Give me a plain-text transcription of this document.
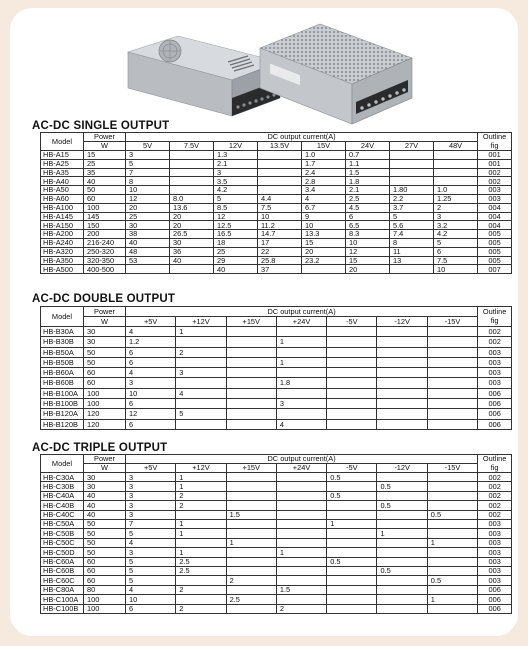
AC-DC SINGLE OUTPUT
Model	Power	DC output current(A)								Outline
fig
	W	5V	7.5V	12V	13.5V	15V	24V	27V	48V	
HB-A15	15	3		1.3		1.0	0.7			001
HB-A25	25	5		2.1		1.7	1.1			001
HB-A35	35	7		3		2.4	1.5			002
HB-A40	40	8		3.5		2.8	1.8			002
HB-A50	50	10		4.2		3.4	2.1	1.80	1.0	003
HB-A60	60	12	8.0	5	4.4	4	2.5	2.2	1.25	003
HB-A100	100	20	13.6	8.5	7.5	6.7	4.5	3.7	2	004
HB-A145	145	25	20	12	10	9	6	5	3	004
HB-A150	150	30	20	12.5	11.2	10	6.5	5.6	3.2	004
HB-A200	200	38	26.5	16.5	14.7	13.3	8.3	7.4	4.2	005
HB-A240	216-240	40	30	18	17	15	10	8	5	005
HB-A320	250-320	48	36	25	22	20	12	11	6	005
HB-A350	320-350	53	40	29	25.8	23.2	15	13	7.5	005
HB-A500	400-500			40	37		20		10	007
AC-DC DOUBLE OUTPUT
Model	Power	DC output current(A)							Outline
fig
	W	+5V	+12V	+15V	+24V	-5V	-12V	-15V	
HB-B30A	30	4	1						002
HB-B30B	30	1.2			1				002
HB-B50A	50	6	2						003
HB-B50B	50	6			1				003
HB-B60A	60	4	3						003
HB-B60B	60	3			1.8				003
HB-B100A	100	10	4						006
HB-B100B	100	6			3				006
HB-B120A	120	12	5						006
HB-B120B	120	6			4				006
AC-DC TRIPLE OUTPUT
Model	Power	DC output current(A)							Outline
fig
	W	+5V	+12V	+15V	+24V	-5V	-12V	-15V	
HB-C30A	30	3	1			0.5			002
HB-C30B	30	3	1				0.5		002
HB-C40A	40	3	2			0.5			002
HB-C40B	40	3	2				0.5		002
HB-C40C	40	3		1.5				0.5	002
HB-C50A	50	7	1			1			003
HB-C50B	50	5	1				1		003
HB-C50C	50	4		1				1	003
HB-C50D	50	3	1		1				003
HB-C60A	60	5	2.5			0.5			003
HB-C60B	60	5	2.5				0.5		003
HB-C60C	60	5		2				0.5	003
HB-C80A	80	4	2		1.5				006
HB-C100A	100	10		2.5				1	006
HB-C100B	100	6	2		2				006
